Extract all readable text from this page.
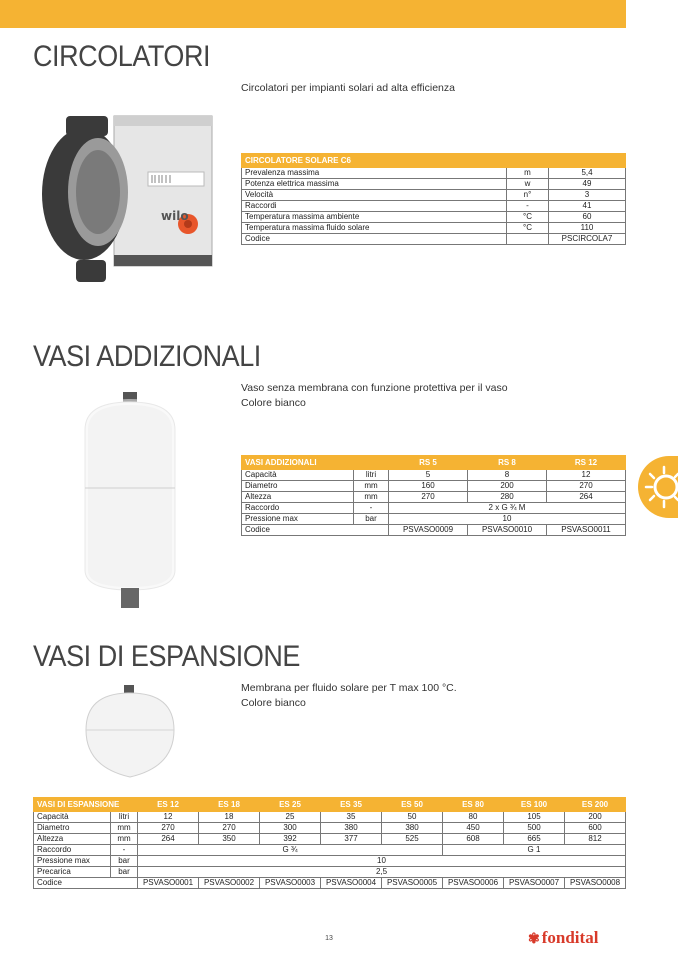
CIRCOLATORI
Circolatori per impianti solari ad alta efficienza
wilo
CIRCOLATORE SOLARE C6		
Prevalenza massima	m	5,4
Potenza elettrica massima	w	49
Velocità	n°	3
Raccordi	-	41
Temperatura massima ambiente	°C	60
Temperatura massima fluido solare	°C	110
Codice		PSCIRCOLA7
VASI ADDIZIONALI
Vaso senza membrana con funzione protettiva per il vaso
Colore bianco
VASI ADDIZIONALI		RS 5	RS 8	RS 12
Capacità	litri	5	8	12
Diametro	mm	160	200	270
Altezza	mm	270	280	264
Raccordo	-	2 x G ¾ M		
Pressione max	bar	10		
Codice		PSVASO0009	PSVASO0010	PSVASO0011
VASI DI ESPANSIONE
Membrana per fluido solare per T max 100 °C.
Colore bianco
VASI DI ESPANSIONE		ES 12	ES 18	ES 25	ES 35	ES 50	ES 80	ES 100	ES 200
Capacità	litri	12	18	25	35	50	80	105	200
Diametro	mm	270	270	300	380	380	450	500	600
Altezza	mm	264	350	392	377	525	608	665	812
Raccordo	-	G ¾					G 1		
Pressione max	bar	10							
Precarica	bar	2,5							
Codice		PSVASO0001	PSVASO0002	PSVASO0003	PSVASO0004	PSVASO0005	PSVASO0006	PSVASO0007	PSVASO0008
13	✾ fondital
